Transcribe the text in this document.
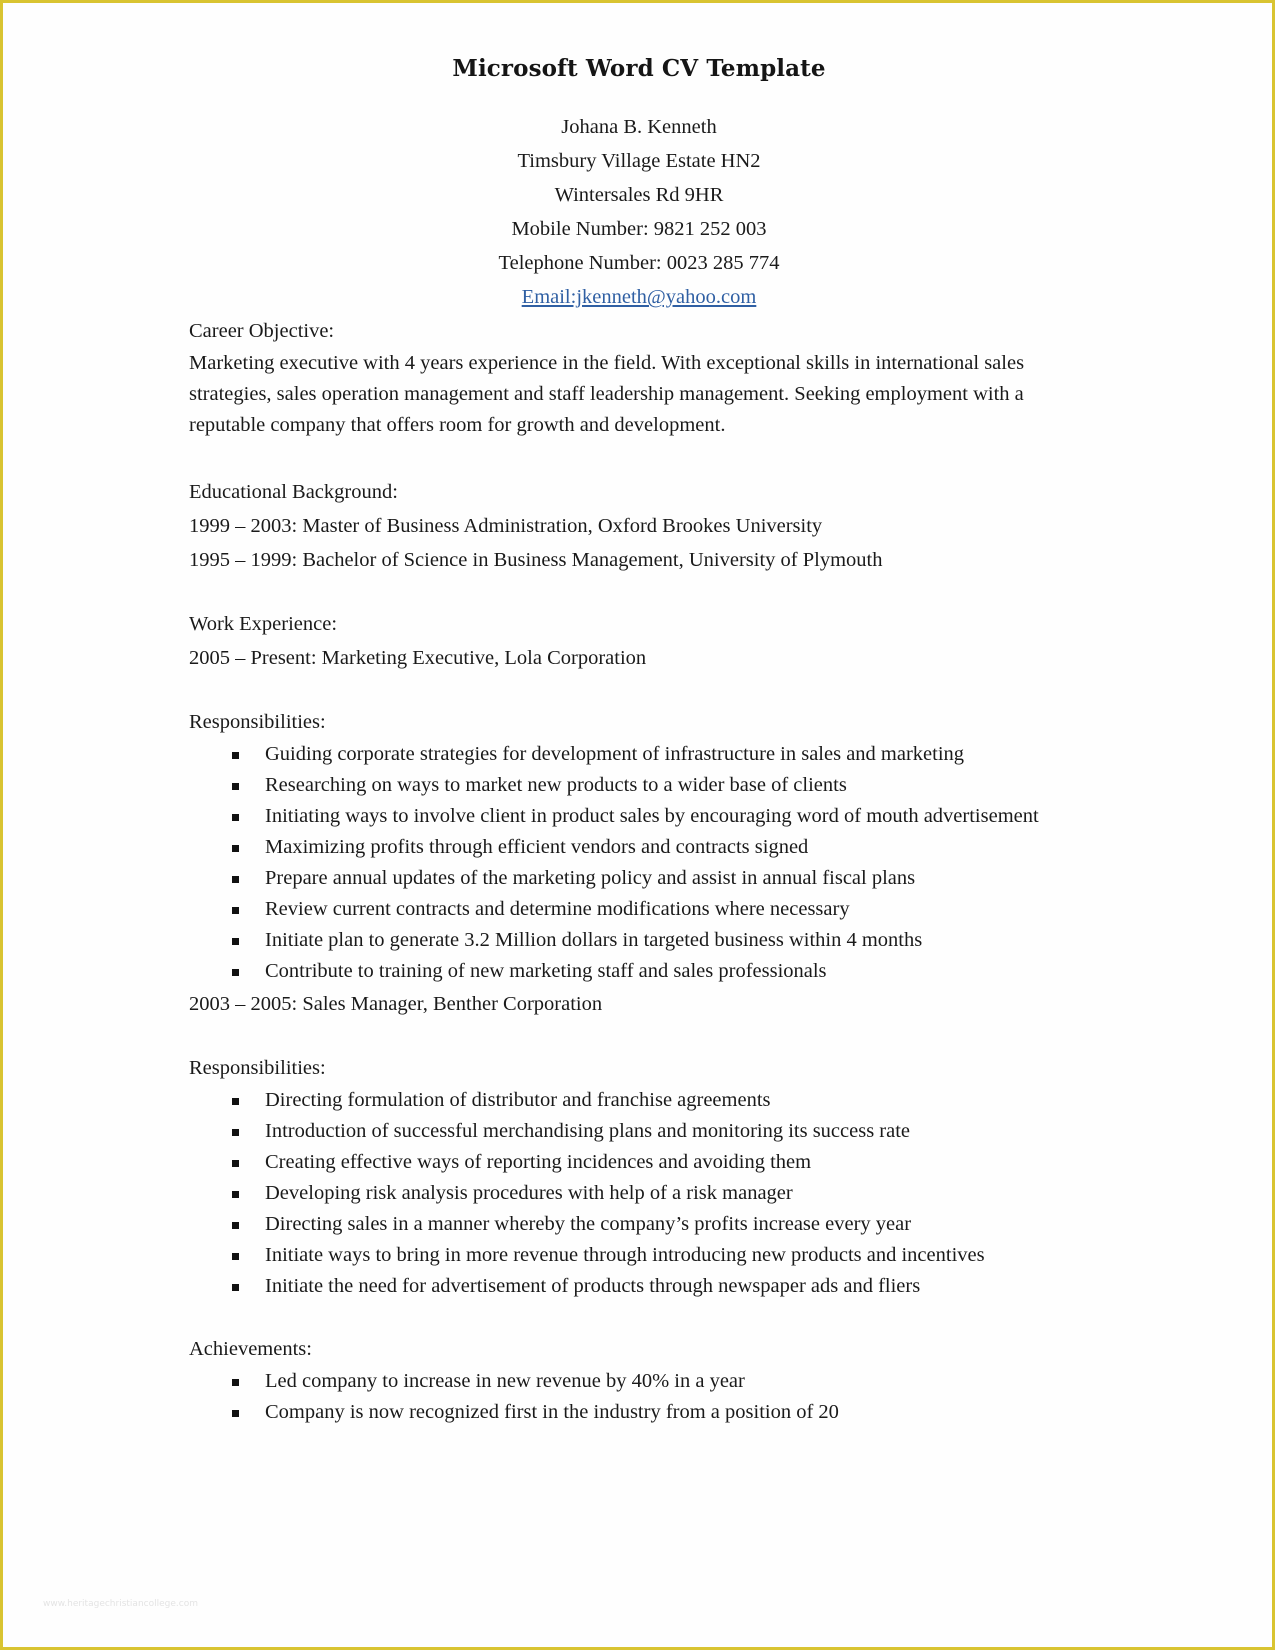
Microsoft Word CV Template
Johana B. Kenneth
Timsbury Village Estate HN2
Wintersales Rd 9HR
Mobile Number: 9821 252 003
Telephone Number: 0023 285 774
Email:jkenneth@yahoo.com
Career Objective:
Marketing executive with 4 years experience in the field. With exceptional skills in international sales strategies, sales operation management and staff leadership management. Seeking employment with a reputable company that offers room for growth and development.
Educational Background:
1999 – 2003: Master of Business Administration, Oxford Brookes University
1995 – 1999: Bachelor of Science in Business Management, University of Plymouth
Work Experience:
2005 – Present: Marketing Executive, Lola Corporation
Responsibilities:
Guiding corporate strategies for development of infrastructure in sales and marketing
Researching on ways to market new products to a wider base of clients
Initiating ways to involve client in product sales by encouraging word of mouth advertisement
Maximizing profits through efficient vendors and contracts signed
Prepare annual updates of the marketing policy and assist in annual fiscal plans
Review current contracts and determine modifications where necessary
Initiate plan to generate 3.2 Million dollars in targeted business within 4 months
Contribute to training of new marketing staff and sales professionals
2003 – 2005: Sales Manager, Benther Corporation
Responsibilities:
Directing formulation of distributor and franchise agreements
Introduction of successful merchandising plans and monitoring its success rate
Creating effective ways of reporting incidences and avoiding them
Developing risk analysis procedures with help of a risk manager
Directing sales in a manner whereby the company’s profits increase every year
Initiate ways to bring in more revenue through introducing new products and incentives
Initiate the need for advertisement of products through newspaper ads and fliers
Achievements:
Led company to increase in new revenue by 40% in a year
Company is now recognized first in the industry from a position of 20
www.heritagechristiancollege.com
